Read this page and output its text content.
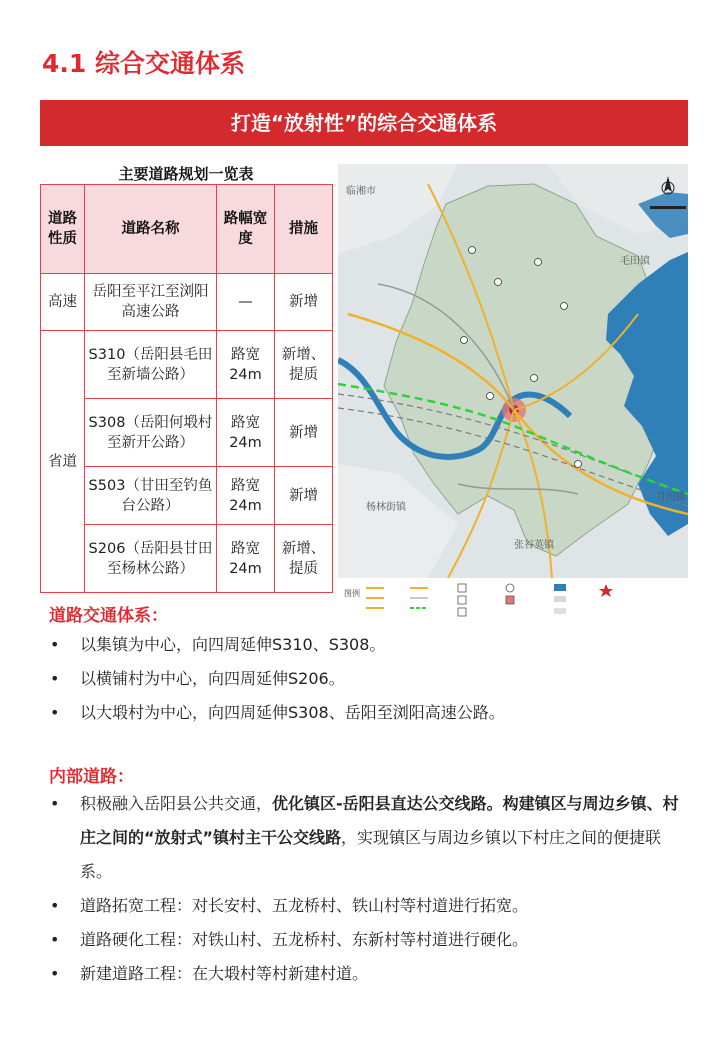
4.1 综合交通体系
打造“放射性”的综合交通体系
主要道路规划一览表
道路性质	道路名称	路幅宽度	措施
高速	岳阳至平江至浏阳高速公路	—	新增
省道	S310（岳阳县毛田至新墙公路）	路宽24m	新增、提质
	S308（岳阳何塅村至新开公路）	路宽24m	新增
	S503（甘田至钓鱼台公路）	路宽24m	新增
	S206（岳阳县甘田至杨林公路）	路宽24m	新增、提质
临湘市
毛田镇
杨林街镇
张谷英镇
月田镇
图例
道路交通体系：
• 以集镇为中心，向四周延伸S310、S308。
• 以横铺村为中心，向四周延伸S206。
• 以大塅村为中心，向四周延伸S308、岳阳至浏阳高速公路。
内部道路：
• 积极融入岳阳县公共交通，优化镇区-岳阳县直达公交线路。构建镇区与周边乡镇、村庄之间的“放射式”镇村主干公交线路，实现镇区与周边乡镇以下村庄之间的便捷联系。
• 道路拓宽工程：对长安村、五龙桥村、铁山村等村道进行拓宽。
• 道路硬化工程：对铁山村、五龙桥村、东新村等村道进行硬化。
• 新建道路工程：在大塅村等村新建村道。
